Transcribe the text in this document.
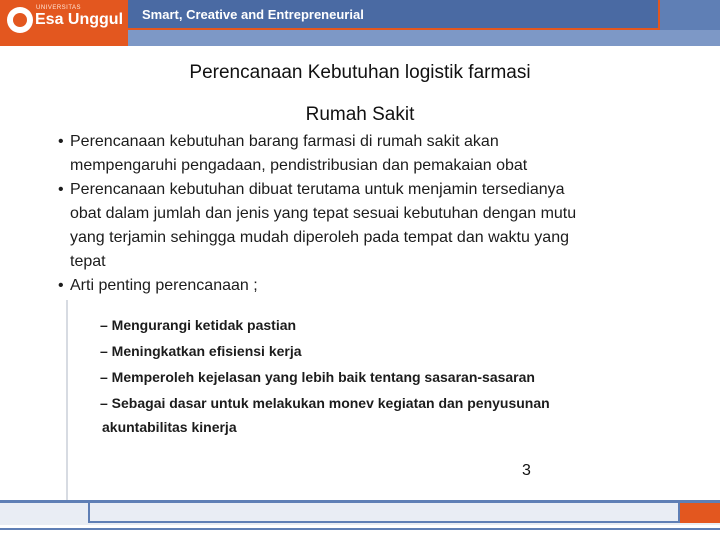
UNIVERSITAS
Esa Unggul Smart, Creative and Entrepreneurial
Perencanaan Kebutuhan logistik farmasi
Rumah Sakit
• Perencanaan kebutuhan barang farmasi di rumah sakit akan
mempengaruhi pengadaan, pendistribusian dan pemakaian obat
• Perencanaan kebutuhan dibuat terutama untuk menjamin tersedianya
obat dalam jumlah dan jenis yang tepat sesuai kebutuhan dengan mutu
yang terjamin sehingga mudah diperoleh pada tempat dan waktu yang
tepat
• Arti penting perencanaan ;
– Mengurangi ketidak pastian
– Meningkatkan efisiensi kerja
– Memperoleh kejelasan yang lebih baik tentang sasaran-sasaran
– Sebagai dasar untuk melakukan monev kegiatan dan penyusunan
akuntabilitas kinerja
3
